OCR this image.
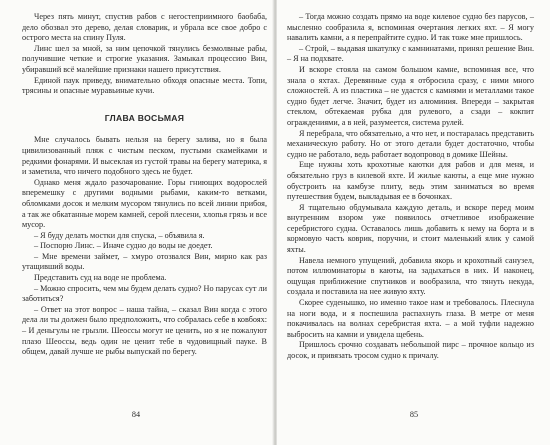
Через пять минут, спустив рабов с негостеприимного баобаба, дело обозвал это дерево, делая словарик, и убрала все свое добро с острого места на спину Пуля.

Линс шел за мной, за ним цепочкой тянулись безмолвные рабы, получившие четкие и строгие указания. Замыкал процессию Вин, убиравший всё малейшие признаки нашего присутствия.

Единой паук приведу, внимательно обходя опасные места. Топи, трясины и опасные муравьиные кучи.

ГЛАВА ВОСЬМАЯ

Мне случалось бывать нельзя на берегу залива, но я была цивилизованный пляж с чистым песком, пустыми скамейками и редкими фонарями. И высеклая из густой травы на берегу материка, я и заметила, что ничего подобного здесь не будет.

Однако меня ждало разочарование. Горы гниющих водорослей вперемешку с другими водными рыбами, каким-то ветками, обломками досок и мелким мусором тянулись по всей линии прибоя, а так же обкатанные морем камней, серой плесени, хлопья грязь и все мусор.

– Я буду делать мостки для спуска, – объявила я.

– Поспорю Линс. – Иначе судно до воды не доедет.

– Мне времени займет, – хмуро отозвался Вин, мирно как раз утащивший воды.

Представить суд на воде не проблема.

– Можно спросить, чем мы будем делать судно? Но парусах сут ли заботиться?

– Ответ на этот вопрос – наша тайна, – сказал Вин когда с этого дела ли ты должен было предположить, что собралась себе в ковбоях: – И деньгулы не грызли. Шеоссы могут не ценить, но я не пожалуют плазо Шеоссы, ведь один не ценит тебе в чудовищный пауке. В общем, давай лучше не рыбы выпускай по берегу.

84

– Тогда можно создать прямо на воде килевое судно без парусов, – мысленно сообразила я, вспоминая очертания легких яхт. – Я могу навалить камни, а я перепрайтите судно. И так тоже мне пришлось.

– Строй, – выдавая шкатулку с камнинатами, принял решение Вин. – Я на подхвате.

И вскоре стояла на самом большом камне, вспоминая все, что знала о яхтах. Деревянные суда я отбросила сразу, с ними много сложностей. А из пластика – не удастся с камнями и металлами такое судно будет легче. Значит, будет из алюминия. Впереди – закрытая стеклом, обтекаемая рубка для рулевого, а сзади – кокпит ограждениями, а в ней, разумеется, система рулей.

Я перебрала, что обязательно, а что нет, и постаралась представить механическую работу. Но от этого детали будет достаточно, чтобы судно не работало, ведь работает водопровод в домике Шейны.

Еще нужны хоть крохотные каютки для рабов и для меня, и обязательно груз в килевой яхте. И жилые каюты, а еще мне нужно обустроить на камбузе плиту, ведь этим заниматься во время путешествия будем, выкладывая ее в бочонках.

Я тщательно обдумывала каждую деталь, и вскоре перед моим внутренним взором уже появилось отчетливое изображение серебристого судна. Оставалось лишь добавить к нему на борта и в кормовую часть коврик, поручни, и стоит маленький ялик у самой яхты.

Навела немного упущений, добавила якорь и крохотный санузел, потом иллюминаторы в каюты, на задыхаться в них. И наконец, ощущая приближение спутников и вообразила, что тянуть некуда, создала и поставила на нее живую яхту.

Скорее суденышко, но именно такое нам и требовалось. Плеснула на ноги вода, и я поспешила распахнуть глаза. В метре от меня покачивалась на волнах серебристая яхта. – а мой туфли надежно выбросить на камни и увидела щебень.

Пришлось срочно создавать небольшой пирс – прочное кольцо из досок, и привязать тросом судно к причалу.

85
